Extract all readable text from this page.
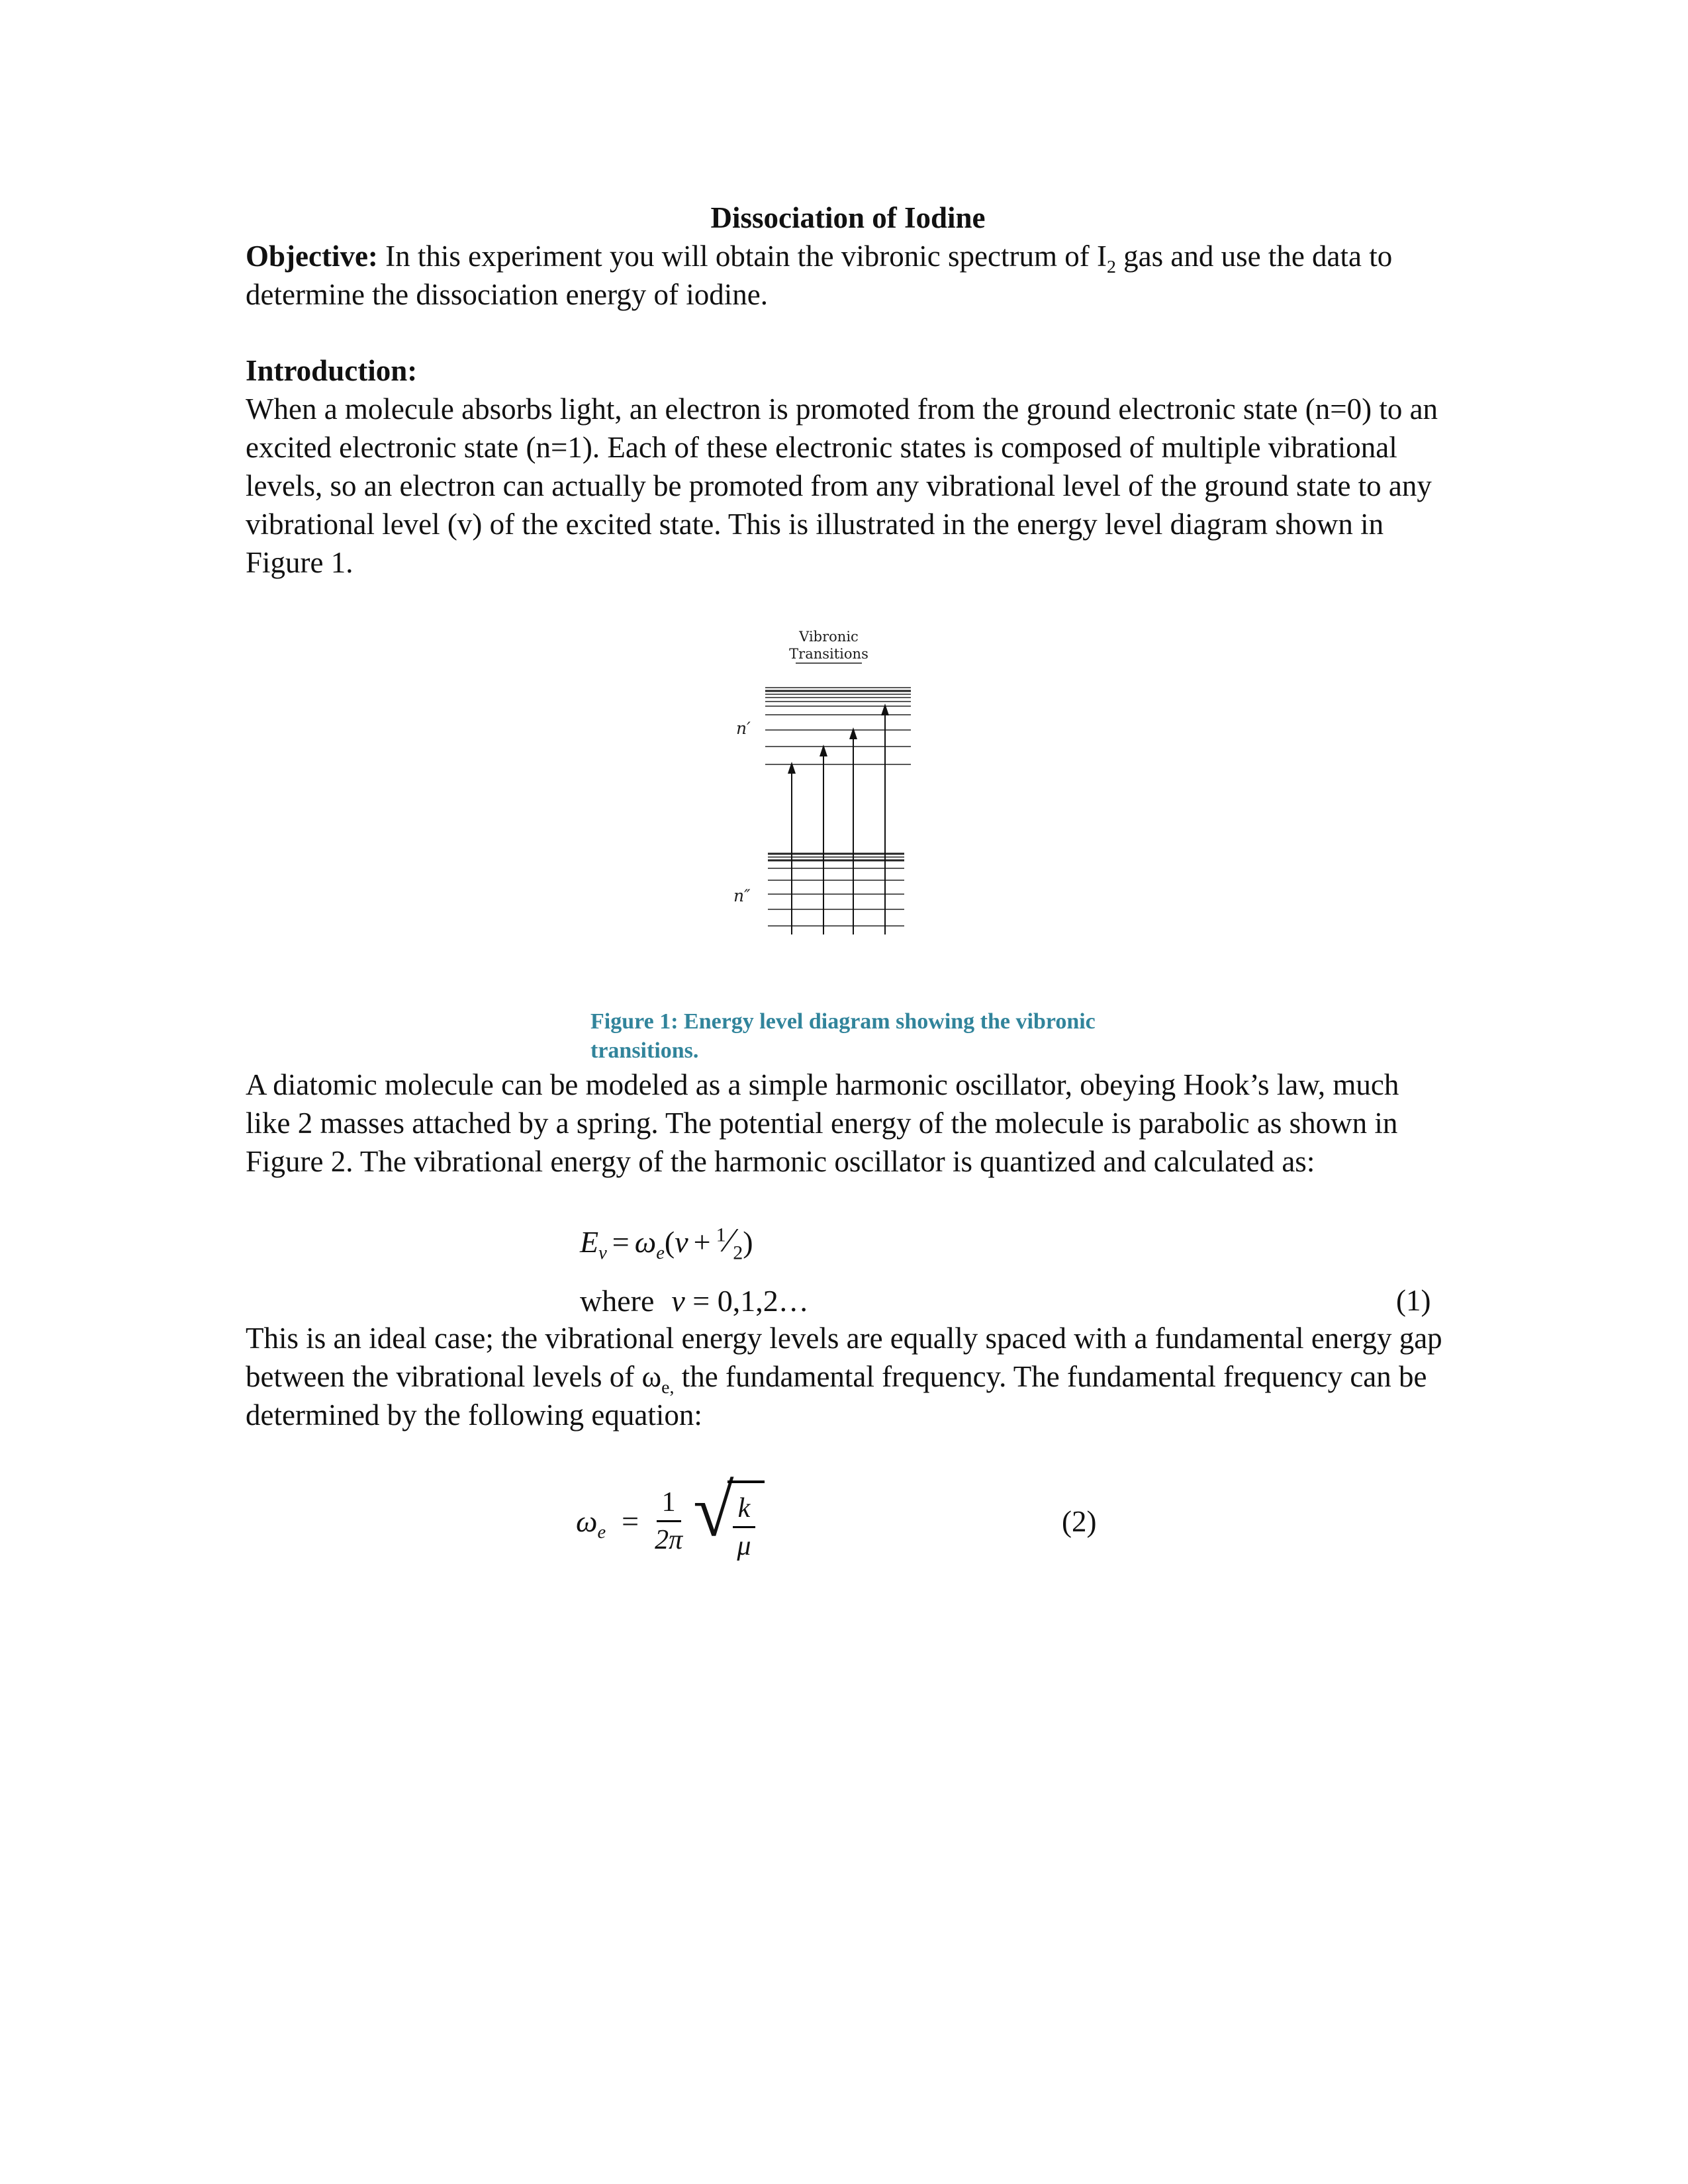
Dissociation of Iodine

Objective: In this experiment you will obtain the vibronic spectrum of $I_2$ gas and use the data to determine the dissociation energy of iodine.

Introduction:

When a molecule absorbs light, an electron is promoted from the ground electronic state (n=0) to an excited electronic state (n=1). Each of these electronic states is composed of multiple vibrational levels, so an electron can actually be promoted from any vibrational level of the ground state to any vibrational level (v) of the excited state. This is illustrated in the energy level diagram shown in Figure 1.

Vibronic
Transitions
n′
n″
Figure 1: Energy level diagram showing the vibronic transitions.

A diatomic molecule can be modeled as a simple harmonic oscillator, obeying Hook’s law, much like 2 masses attached by a spring. The potential energy of the molecule is parabolic as shown in Figure 2. The vibrational energy of the harmonic oscillator is quantized and calculated as:

$E_v = \omega_e(v$ + $^1⁄_2$)
where v = 0,1,2…	(1)

This is an ideal case; the vibrational energy levels are equally spaced with a fundamental energy gap between the vibrational levels of $\omega_{e,}$ the fundamental frequency. The fundamental frequency can be determined by the following equation:

$\omega_e = \frac{1}{2\pi}$ √
$\frac{k}{\mu}$	(2)
